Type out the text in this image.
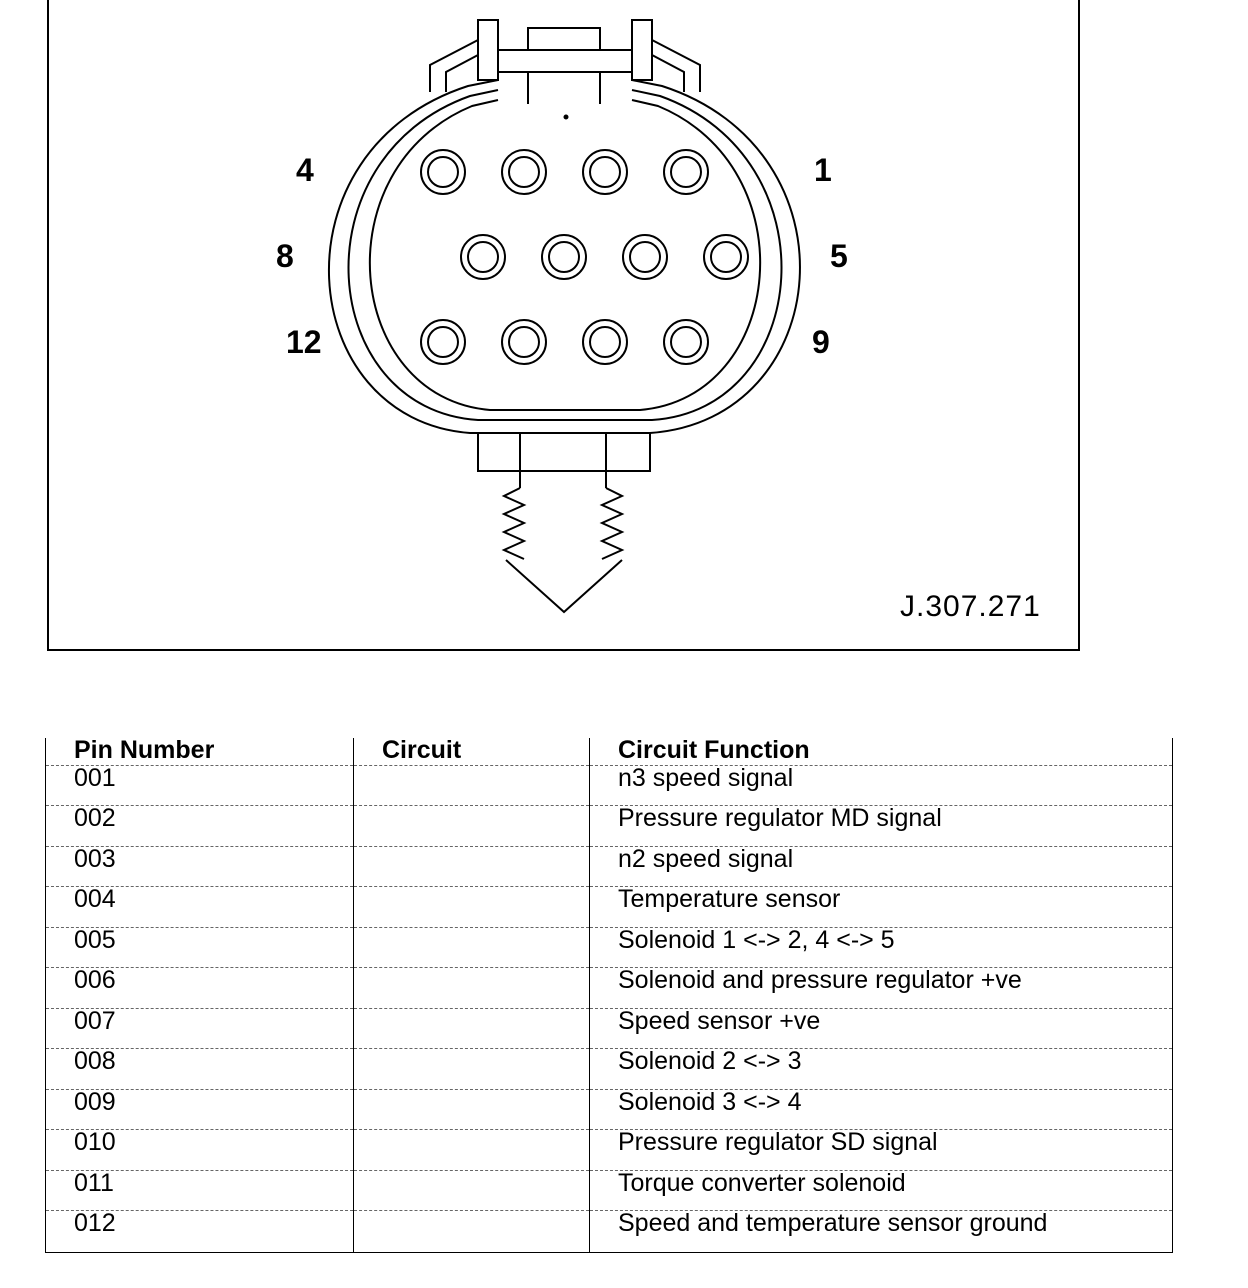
4	1
8	5
12	9
J.307.271
Pin Number	Circuit	Circuit Function
001		n3 speed signal
002		Pressure regulator MD signal
003		n2 speed signal
004		Temperature sensor
005		Solenoid 1 <-> 2, 4 <-> 5
006		Solenoid and pressure regulator +ve
007		Speed sensor +ve
008		Solenoid 2 <-> 3
009		Solenoid 3 <-> 4
010		Pressure regulator SD signal
011		Torque converter solenoid
012		Speed and temperature sensor ground
